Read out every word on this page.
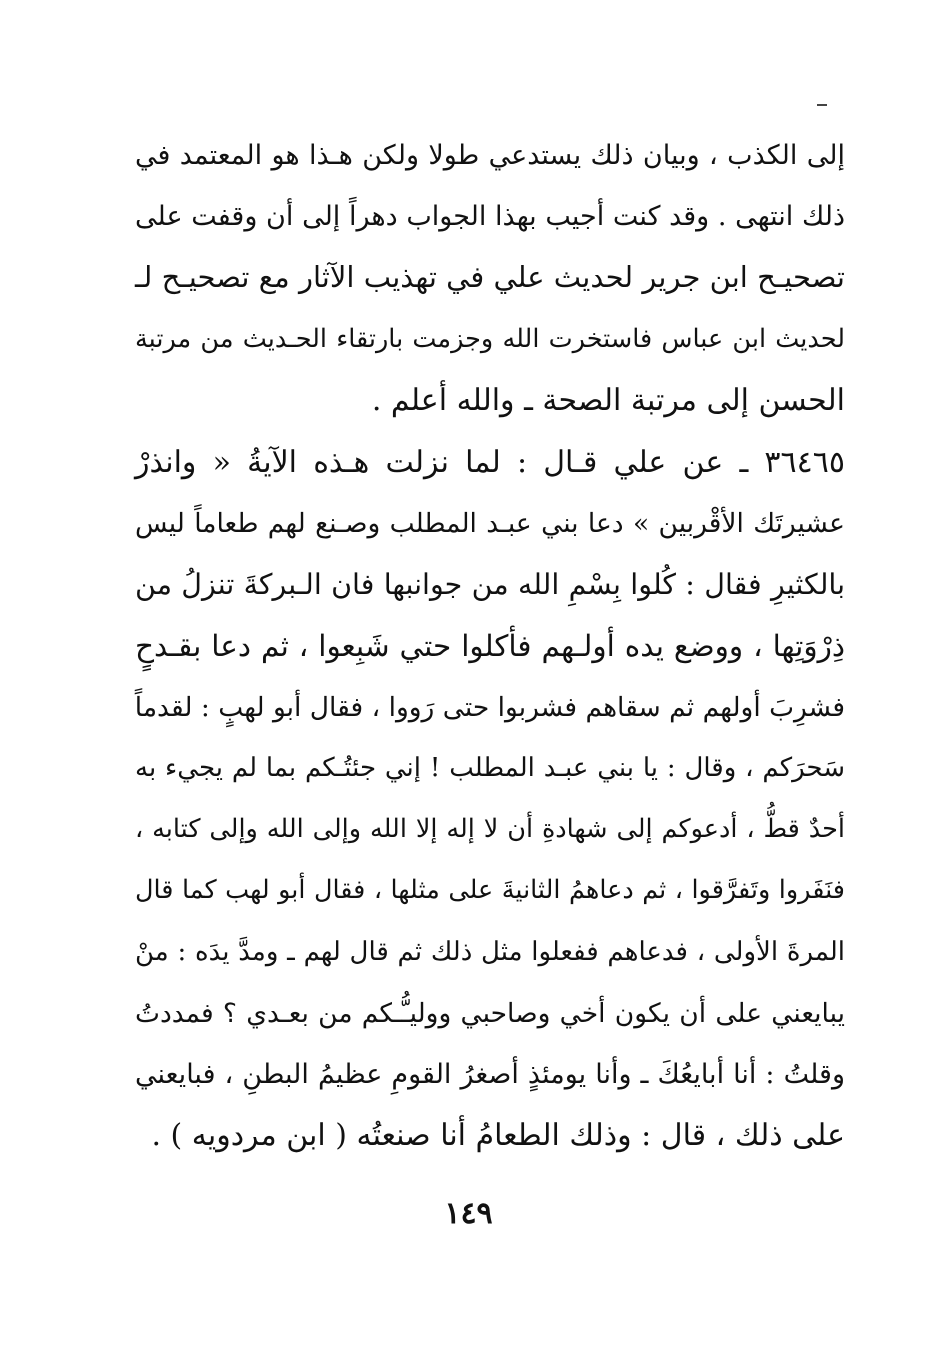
إلى الكذب ، وبيان ذلك يستدعي طولا ولكن هـذا هو المعتمد في
ذلك انتهى . وقد كنت أجيب بهذا الجواب دهراً إلى أن وقفت على
تصحيـح ابن جرير لحديث علي في تهذيب الآثار مع تصحيـح لـ
لحديث ابن عباس فاستخرت الله وجزمت بارتقاء الحـديث من مرتبة
الحسن إلى مرتبة الصحة ـ والله أعلم .
٣٦٤٦٥ ـ عن علي قـال : لما نزلت هـذه الآيةُ « وانذرْ
عشيرتَك الأقْربين » دعا بني عبـد المطلب وصـنع لهم طعاماً ليس
بالكثيرِ فقال : كُلوا بِسْمِ الله من جوانبها فان الـبركةَ تنزلُ من
ذِرْوَتِها ، ووضع يده أولـهم فأكلوا حتي شَبِعوا ، ثم دعا بقـدحٍ
فشرِبَ أولهم ثم سقاهم فشربوا حتى رَووا ، فقال أبو لهبٍ : لقدماً
سَحرَكم ، وقال : يا بني عبـد المطلب ! إني جئتُـكم بما لم يجيء به
أحدٌ قطُّ ، أدعوكم إلى شهادةِ أن لا إله إلا الله وإلى الله وإلى كتابه ،
فنَفَروا وتَفرَّقوا ، ثم دعاهمُ الثانيةَ على مثلها ، فقال أبو لهب كما قال
المرةَ الأولى ، فدعاهم ففعلوا مثل ذلك ثم قال لهم ـ ومدَّ يدَه : منْ
يبايعني على أن يكون أخي وصاحبي ووليـُّـكم من بعـدي ؟ فمددتُ
وقلتُ : أنا أبايعُكَ ـ وأنا يومئذٍ أصغرُ القومِ عظيمُ البطنِ ، فبايعني
على ذلك ، قال : وذلك الطعامُ أنا صنعتُه ( ابن مردويه ) .
١٤٩
